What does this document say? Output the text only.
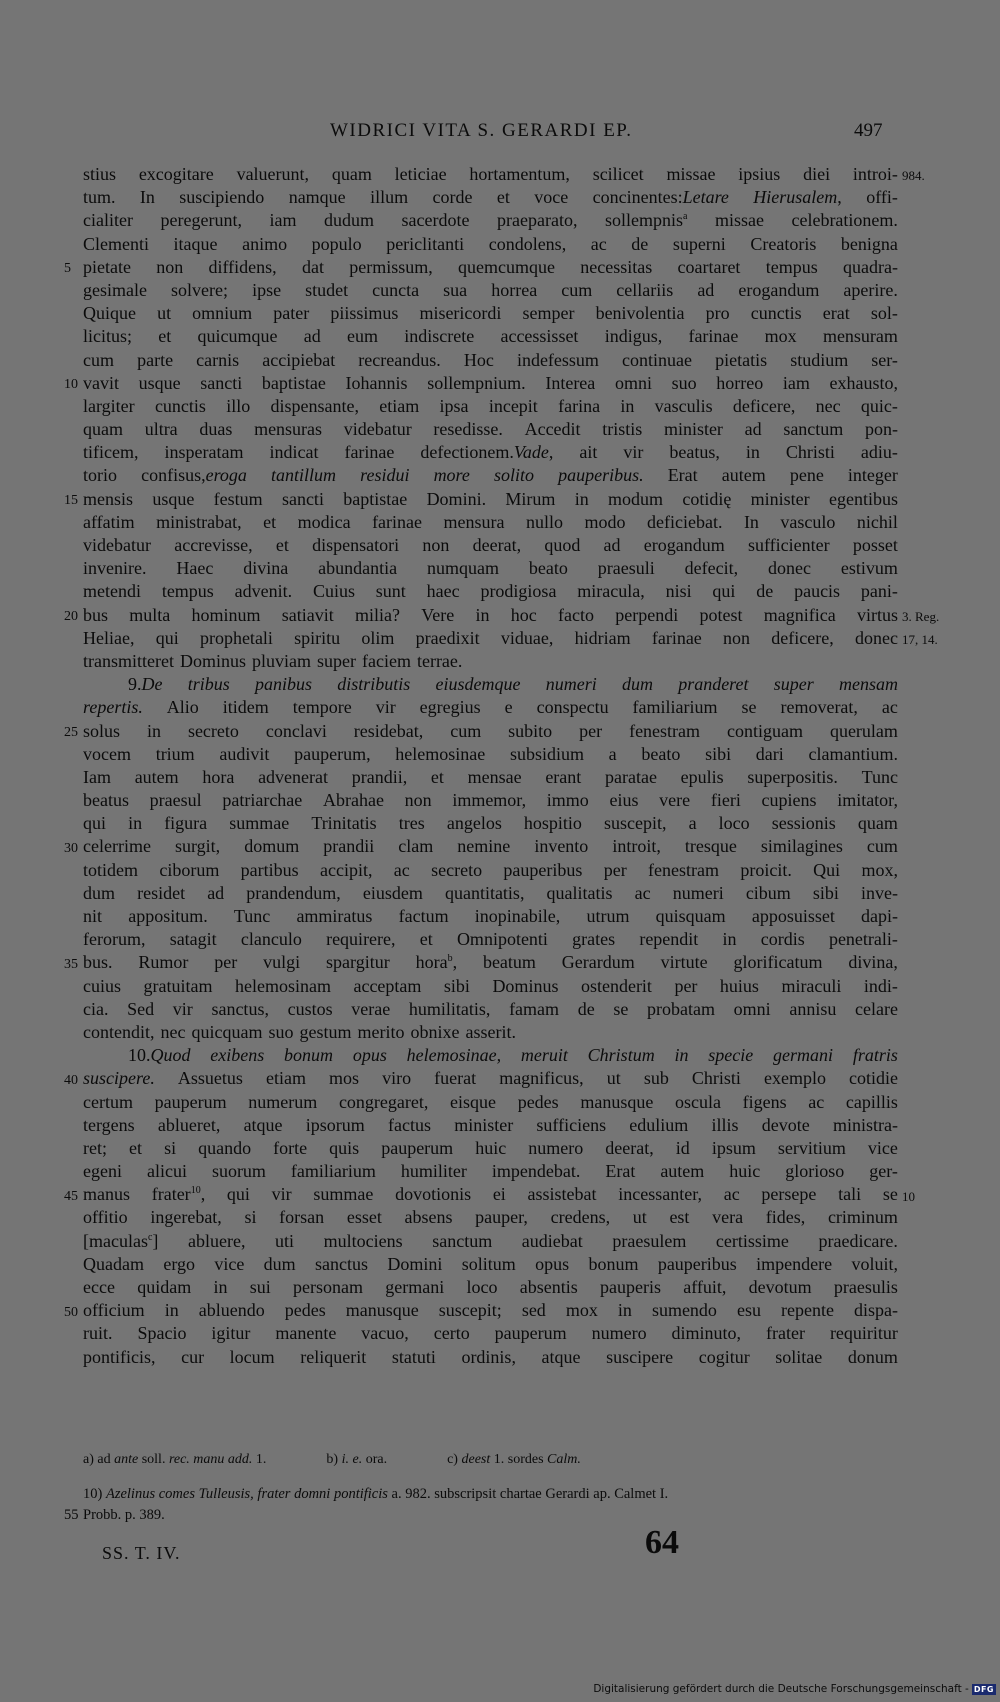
WIDRICI VITA S. GERARDI EP.	497
stius excogitare valuerunt, quam leticiae hortamentum, scilicet missae ipsius diei introi-
tum. In suscipiendo namque illum corde et voce concinentes:Letare Hierusalem, offi-
cialiter peregerunt, iam dudum sacerdote praeparato, sollempnis$^a$ missae celebrationem.
Clementi itaque animo populo periclitanti condolens, ac de superni Creatoris benigna
pietate non diffidens, dat permissum, quemcumque necessitas coartaret tempus quadra-
gesimale solvere; ipse studet cuncta sua horrea cum cellariis ad erogandum aperire.
Quique ut omnium pater piissimus misericordi semper benivolentia pro cunctis erat sol-
licitus; et quicumque ad eum indiscrete accessisset indigus, farinae mox mensuram
cum parte carnis accipiebat recreandus. Hoc indefessum continuae pietatis studium ser-
vavit usque sancti baptistae Iohannis sollempnium. Interea omni suo horreo iam exhausto,
largiter cunctis illo dispensante, etiam ipsa incepit farina in vasculis deficere, nec quic-
quam ultra duas mensuras videbatur resedisse. Accedit tristis minister ad sanctum pon-
tificem, insperatam indicat farinae defectionem.Vade, ait vir beatus, in Christi adiu-
torio confisus,eroga tantillum residui more solito pauperibus. Erat autem pene integer
mensis usque festum sancti baptistae Domini. Mirum in modum cotidię minister egentibus
affatim ministrabat, et modica farinae mensura nullo modo deficiebat. In vasculo nichil
videbatur accrevisse, et dispensatori non deerat, quod ad erogandum sufficienter posset
invenire. Haec divina abundantia numquam beato praesuli defecit, donec estivum
metendi tempus advenit. Cuius sunt haec prodigiosa miracula, nisi qui de paucis pani-
bus multa hominum satiavit milia? Vere in hoc facto perpendi potest magnifica virtus
Heliae, qui prophetali spiritu olim praedixit viduae, hidriam farinae non deficere, donec
transmitteret Dominus pluviam super faciem terrae.
9.De tribus panibus distributis eiusdemque numeri dum pranderet super mensam
repertis. Alio itidem tempore vir egregius e conspectu familiarium se removerat, ac
solus in secreto conclavi residebat, cum subito per fenestram contiguam querulam
vocem trium audivit pauperum, helemosinae subsidium a beato sibi dari clamantium.
Iam autem hora advenerat prandii, et mensae erant paratae epulis superpositis. Tunc
beatus praesul patriarchae Abrahae non immemor, immo eius vere fieri cupiens imitator,
qui in figura summae Trinitatis tres angelos hospitio suscepit, a loco sessionis quam
celerrime surgit, domum prandii clam nemine invento introit, tresque similagines cum
totidem ciborum partibus accipit, ac secreto pauperibus per fenestram proicit. Qui mox,
dum residet ad prandendum, eiusdem quantitatis, qualitatis ac numeri cibum sibi inve-
nit appositum. Tunc ammiratus factum inopinabile, utrum quisquam apposuisset dapi-
ferorum, satagit clanculo requirere, et Omnipotenti grates rependit in cordis penetrali-
bus. Rumor per vulgi spargitur hora$^b$, beatum Gerardum virtute glorificatum divina,
cuius gratuitam helemosinam acceptam sibi Dominus ostenderit per huius miraculi indi-
cia. Sed vir sanctus, custos verae humilitatis, famam de se probatam omni annisu celare
contendit, nec quicquam suo gestum merito obnixe asserit.
10.Quod exibens bonum opus helemosinae, meruit Christum in specie germani fratris
suscipere. Assuetus etiam mos viro fuerat magnificus, ut sub Christi exemplo cotidie
certum pauperum numerum congregaret, eisque pedes manusque oscula figens ac capillis
tergens ablueret, atque ipsorum factus minister sufficiens edulium illis devote ministra-
ret; et si quando forte quis pauperum huic numero deerat, id ipsum servitium vice
egeni alicui suorum familiarium humiliter impendebat. Erat autem huic glorioso ger-
manus frater$^{10}$, qui vir summae dovotionis ei assistebat incessanter, ac persepe tali se
offitio ingerebat, si forsan esset absens pauper, credens, ut est vera fides, criminum
[maculas$^c$] abluere, uti multociens sanctum audiebat praesulem certissime praedicare.
Quadam ergo vice dum sanctus Domini solitum opus bonum pauperibus impendere voluit,
ecce quidam in sui personam germani loco absentis pauperis affuit, devotum praesulis
officium in abluendo pedes manusque suscepit; sed mox in sumendo esu repente dispa-
ruit. Spacio igitur manente vacuo, certo pauperum numero diminuto, frater requiritur
pontificis, cur locum reliquerit statuti ordinis, atque suscipere cogitur solitae donum
5
10
15
20
25
30
35
40
45
50
984.
3. Reg.
17, 14.
10
a) ad ante soll. rec. manu add. 1.	b) i. e. ora.	c) deest 1. sordes Calm.
10) Azelinus comes Tulleusis, frater domni pontificis a. 982. subscripsit chartae Gerardi ap. Calmet I.
55 Probb. p. 389.
SS. T. IV.	64
Digitalisierung gefördert durch die Deutsche Forschungsgemeinschaft - DFG
